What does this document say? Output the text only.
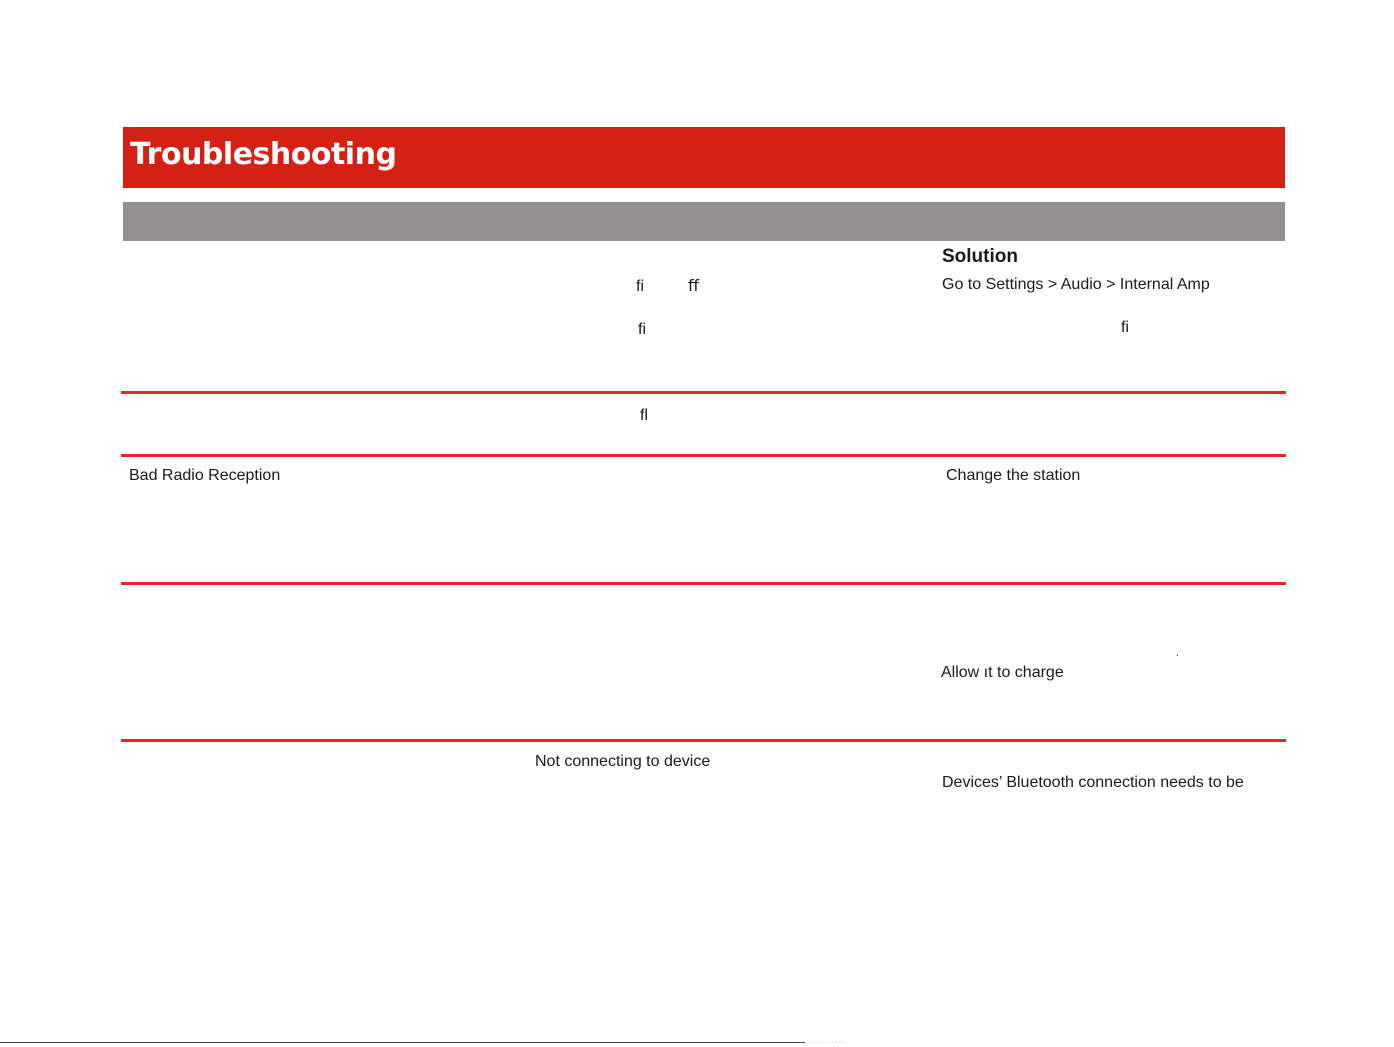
Troubleshooting
Solution
ﬁ	ﬀ
ﬁ
Go to Settings > Audio > Internal Amp
ﬁ
ﬂ
Bad Radio Reception	Change the station
.
Allow ıt to charge
Not connecting to device
Devices’ Bluetooth connection needs to be
· · · · · · · · · · ·
